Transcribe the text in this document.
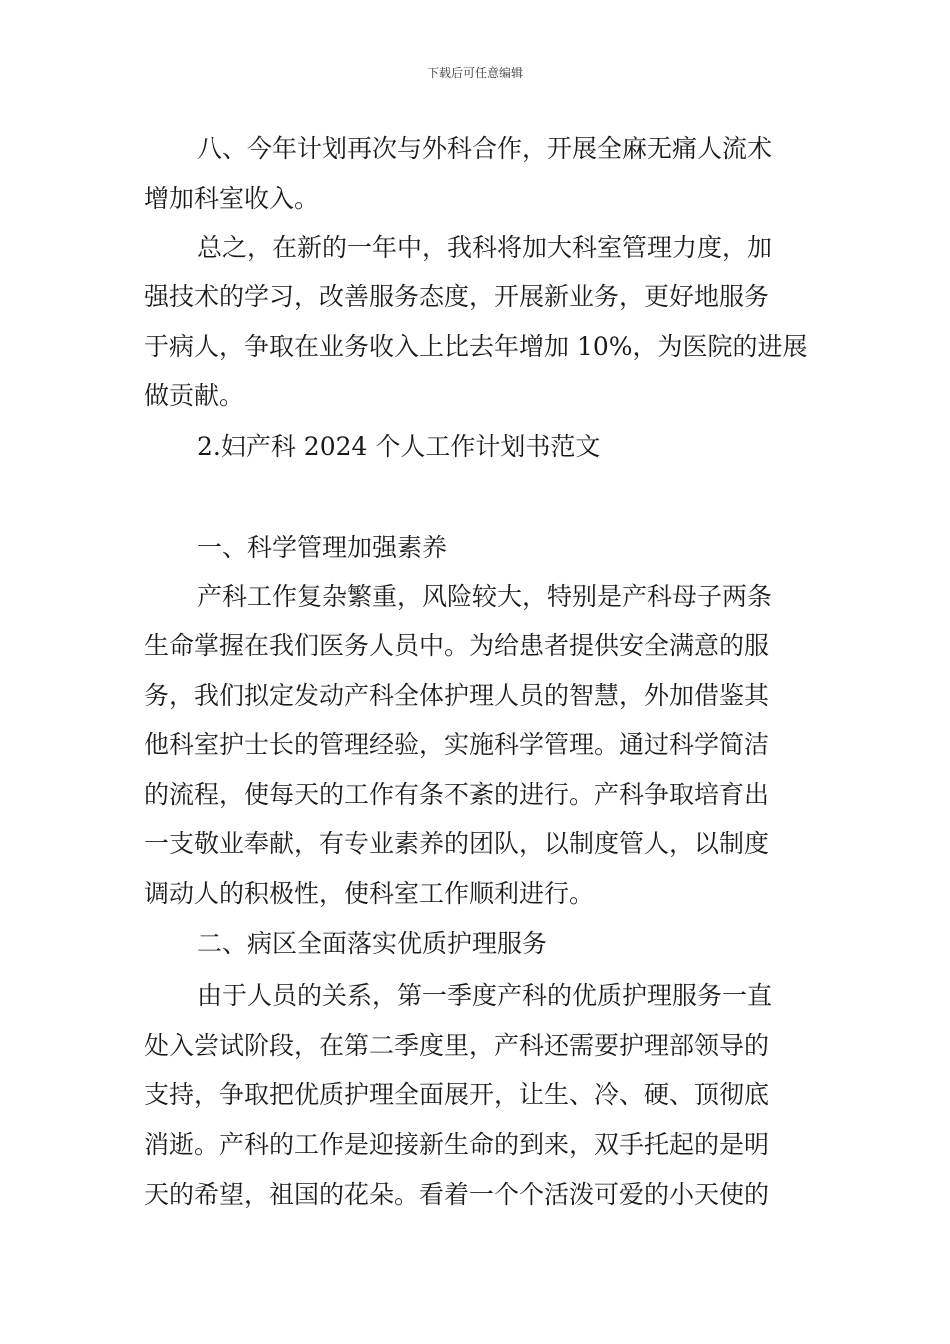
下载后可任意编辑
八、今年计划再次与外科合作，开展全麻无痛人流术
增加科室收入。
总之，在新的一年中，我科将加大科室管理力度，加
强技术的学习，改善服务态度，开展新业务，更好地服务
于病人，争取在业务收入上比去年增加 10%，为医院的进展
做贡献。
2.妇产科 2024 个人工作计划书范文
一、科学管理加强素养
产科工作复杂繁重，风险较大，特别是产科母子两条
生命掌握在我们医务人员中。为给患者提供安全满意的服
务，我们拟定发动产科全体护理人员的智慧，外加借鉴其
他科室护士长的管理经验，实施科学管理。通过科学简洁
的流程，使每天的工作有条不紊的进行。产科争取培育出
一支敬业奉献，有专业素养的团队，以制度管人，以制度
调动人的积极性，使科室工作顺利进行。
二、病区全面落实优质护理服务
由于人员的关系，第一季度产科的优质护理服务一直
处入尝试阶段，在第二季度里，产科还需要护理部领导的
支持，争取把优质护理全面展开，让生、冷、硬、顶彻底
消逝。产科的工作是迎接新生命的到来，双手托起的是明
天的希望，祖国的花朵。看着一个个活泼可爱的小天使的
